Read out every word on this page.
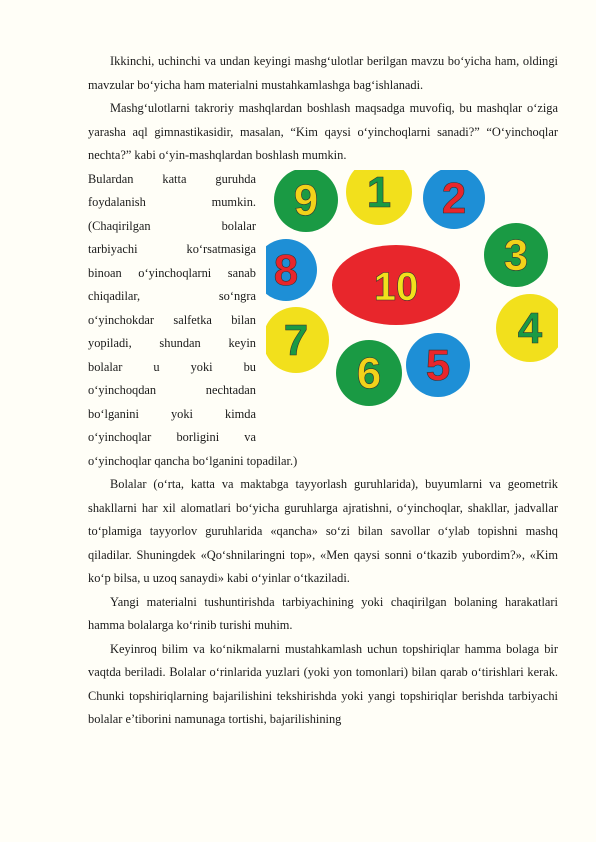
Ikkinchi, uchinchi va undan keyingi mashg‘ulotlar berilgan mavzu bo‘yicha ham, oldingi mavzular bo‘yicha ham materialni mustahkamlashga bag‘ishlanadi.

Mashg‘ulotlarni takroriy mashqlardan boshlash maqsadga muvofiq, bu mashqlar o‘ziga yarasha aql gimnastikasidir, masalan, “Kim qaysi o‘yinchoqlarni sanadi?” “O‘yinchoqlar nechta?” kabi o‘yin-mashqlardan boshlash mumkin.

Bulardan katta guruhda

foydalanish mumkin.

(Chaqirilgan bolalar

tarbiyachi ko‘rsatmasiga

binoan o‘yinchoqlarni sanab

chiqadilar, so‘ngra

o‘yinchokdar salfetka bilan

yopiladi, shundan keyin

bolalar u yoki bu

o‘yinchoqdan nechtadan

bo‘lganini yoki kimda

o‘yinchoqlar borligini va

9 1 2
3
8 10
4
7
6 5

o‘yinchoqlar qancha bo‘lganini topadilar.)

Bolalar (o‘rta, katta va maktabga tayyorlash guruhlarida), buyumlarni va geometrik shakllarni har xil alomatlari bo‘yicha guruhlarga ajratishni, o‘yinchoqlar, shakllar, jadvallar to‘plamiga tayyorlov guruhlarida «qancha» so‘zi bilan savollar o‘ylab topishni mashq qiladilar. Shuningdek «Qo‘shnilaringni top», «Men qaysi sonni o‘tkazib yubordim?», «Kim ko‘p bilsa, u uzoq sanaydi» kabi o‘yinlar o‘tkaziladi.

Yangi materialni tushuntirishda tarbiyachining yoki chaqirilgan bolaning harakatlari hamma bolalarga ko‘rinib turishi muhim.

Keyinroq bilim va ko‘nikmalarni mustahkamlash uchun topshiriqlar hamma bolaga bir vaqtda beriladi. Bolalar o‘rinlarida yuzlari (yoki yon tomonlari) bilan qarab o‘tirishlari kerak. Chunki topshiriqlarning bajarilishini tekshirishda yoki yangi topshiriqlar berishda tarbiyachi bolalar e’tiborini namunaga tortishi, bajarilishining
